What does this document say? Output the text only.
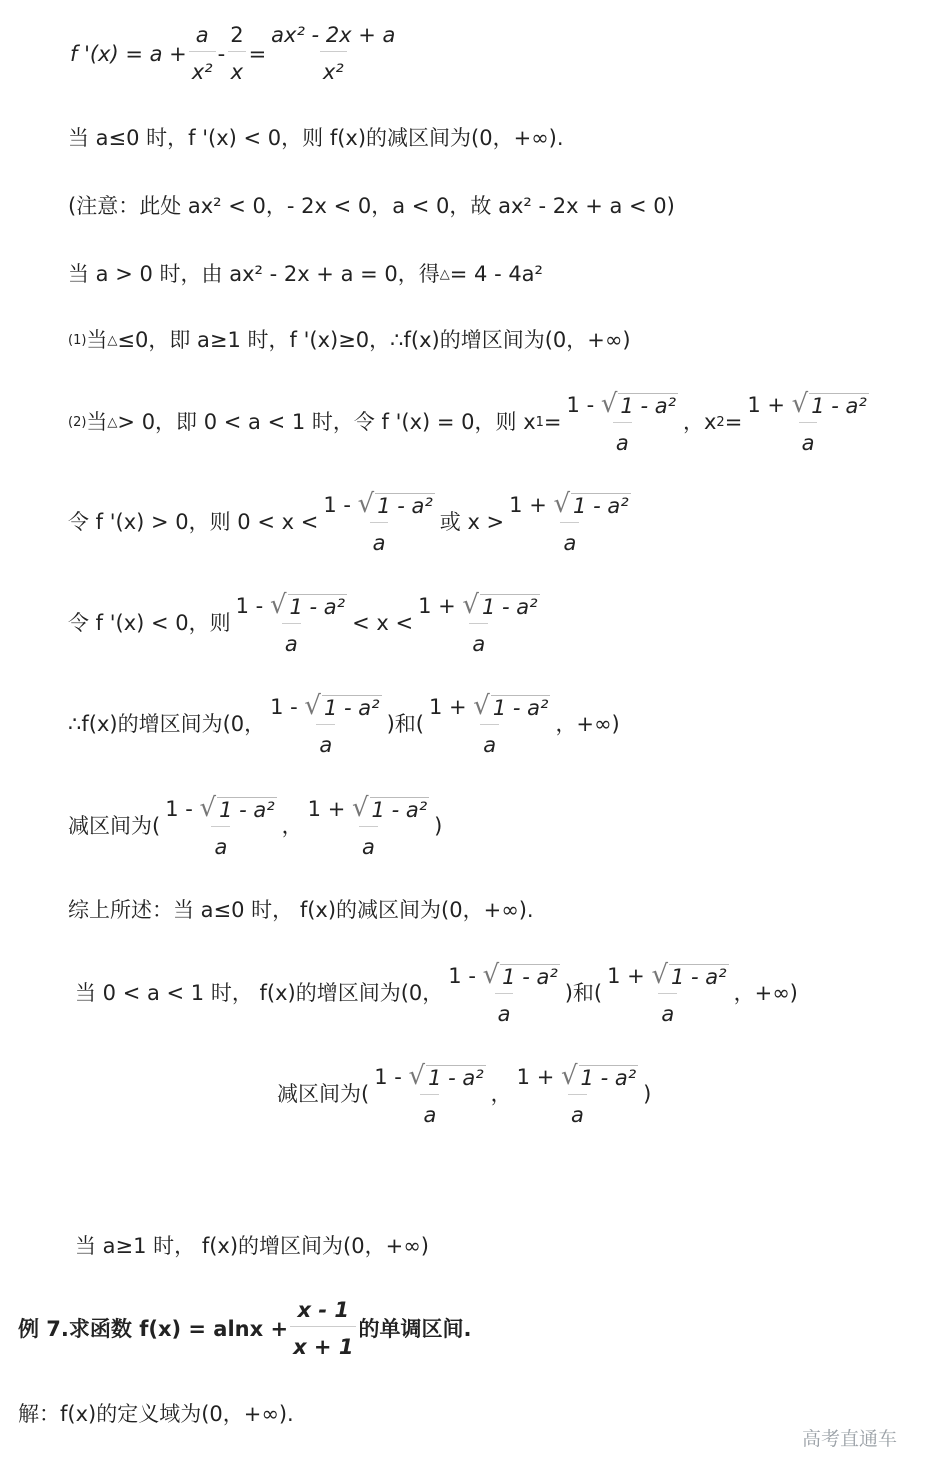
f '$(x) = a + \frac{a}{\text{x²}} - \frac{2}{x} = \frac{\text{ax² - 2x + a}}{\text{x²}}$
当 a≤0 时，f '(x) < 0，则 f(x)的减区间为(0，+∞).
(注意：此处 ax² < 0，- 2x < 0，a < 0，故 ax² - 2x + a < 0)
当 a > 0 时，由 ax² - 2x + a = 0，得 △ = 4 - 4a²
(1) 当 △ ≤0，即 a≥1 时，f '(x)≥0，∴f(x)的增区间为(0，+∞)
(2) 当 △ > 0，即 0 < a < 1 时，令 f '(x) = 0，则 x $1 = \frac{\text{1 - √ 1 - a²}}{a}$ ，x $2 = \frac{\text{1 + √ 1 - a²}}{a}$
令 f '(x) > 0，则 $0 < x < \frac{\text{1 - √ 1 - a²}}{a}$ 或 $x > \frac{\text{1 + √ 1 - a²}}{a}$
令 f '(x) < 0，则 $\frac{\text{1 - √ 1 - a²}}{a} < x < \frac{\text{1 + √ 1 - a²}}{a}$
∴f(x)的增区间为(0， $\frac{\text{1 - √ 1 - a²}}{a}$ )和( $\frac{\text{1 + √ 1 - a²}}{a}$ ，+∞)
减区间为( $\frac{\text{1 - √ 1 - a²}}{a}$ ， $\frac{\text{1 + √ 1 - a²}}{a}$ )
综上所述：当 a≤0 时， f(x)的减区间为(0，+∞).
当 0 < a < 1 时， f(x)的增区间为(0， $\frac{\text{1 - √ 1 - a²}}{a}$ )和( $\frac{\text{1 + √ 1 - a²}}{a}$ ，+∞)
减区间为( $\frac{\text{1 - √ 1 - a²}}{a}$ ， $\frac{\text{1 + √ 1 - a²}}{a}$ )
当 a≥1 时， f(x)的增区间为(0，+∞)
例 7.求函数 $f(x) = alnx + \frac{x - 1}{x + 1}$ 的单调区间.
解：f(x)的定义域为(0，+∞).
高考直通车
